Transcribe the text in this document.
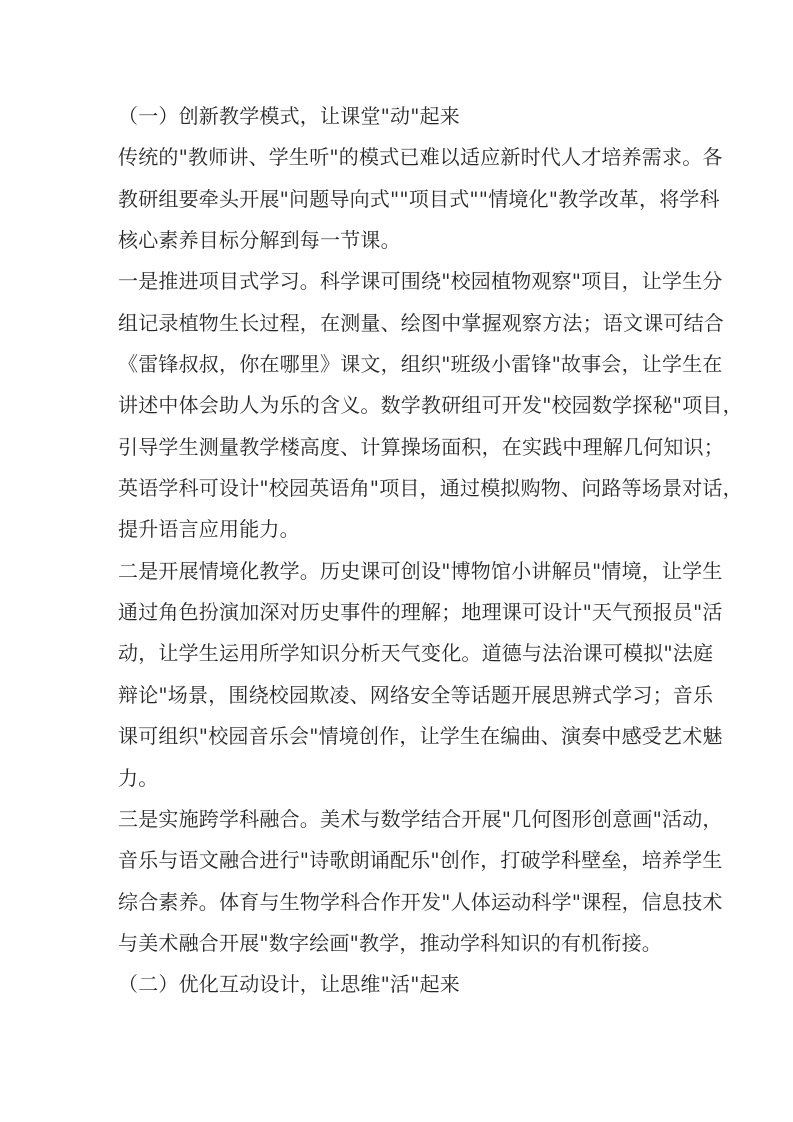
（一）创新教学模式，让课堂"动"起来
传统的"教师讲、学生听"的模式已难以适应新时代人才培养需求。各
教研组要牵头开展"问题导向式""项目式""情境化"教学改革，将学科
核心素养目标分解到每一节课。
一是推进项目式学习。科学课可围绕"校园植物观察"项目，让学生分
组记录植物生长过程，在测量、绘图中掌握观察方法；语文课可结合
《雷锋叔叔，你在哪里》课文，组织"班级小雷锋"故事会，让学生在
讲述中体会助人为乐的含义。数学教研组可开发"校园数学探秘"项目，
引导学生测量教学楼高度、计算操场面积，在实践中理解几何知识；
英语学科可设计"校园英语角"项目，通过模拟购物、问路等场景对话，
提升语言应用能力。
二是开展情境化教学。历史课可创设"博物馆小讲解员"情境，让学生
通过角色扮演加深对历史事件的理解；地理课可设计"天气预报员"活
动，让学生运用所学知识分析天气变化。道德与法治课可模拟"法庭
辩论"场景，围绕校园欺凌、网络安全等话题开展思辨式学习；音乐
课可组织"校园音乐会"情境创作，让学生在编曲、演奏中感受艺术魅
力。
三是实施跨学科融合。美术与数学结合开展"几何图形创意画"活动，
音乐与语文融合进行"诗歌朗诵配乐"创作，打破学科壁垒，培养学生
综合素养。体育与生物学科合作开发"人体运动科学"课程，信息技术
与美术融合开展"数字绘画"教学，推动学科知识的有机衔接。
（二）优化互动设计，让思维"活"起来
